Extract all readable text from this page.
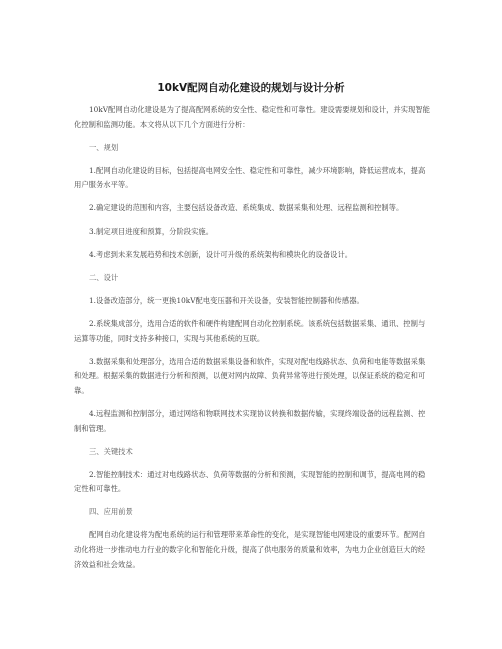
10kV配网自动化建设的规划与设计分析

10kV配网自动化建设是为了提高配网系统的安全性、稳定性和可靠性。建设需要规划和设计，并实现智能化控制和监测功能。本文将从以下几个方面进行分析：

一、规划

1.配网自动化建设的目标，包括提高电网安全性、稳定性和可靠性，减少环境影响，降低运营成本，提高用户服务水平等。

2.确定建设的范围和内容，主要包括设备改造、系统集成、数据采集和处理、远程监测和控制等。

3.制定项目进度和预算，分阶段实施。

4.考虑到未来发展趋势和技术创新，设计可升级的系统架构和模块化的设备设计。

二、设计

1.设备改造部分，统一更换10kV配电变压器和开关设备，安装智能控制器和传感器。

2.系统集成部分，选用合适的软件和硬件构建配网自动化控制系统。该系统包括数据采集、通讯、控制与运算等功能，同时支持多种接口，实现与其他系统的互联。

3.数据采集和处理部分，选用合适的数据采集设备和软件，实现对配电线路状态、负荷和电能等数据采集和处理。根据采集的数据进行分析和预测，以便对网内故障、负荷异常等进行预处理，以保证系统的稳定和可靠。

4.远程监测和控制部分，通过网络和物联网技术实现协议转换和数据传输，实现终端设备的远程监测、控制和管理。

三、关键技术

2.智能控制技术：通过对电线路状态、负荷等数据的分析和预测，实现智能的控制和调节，提高电网的稳定性和可靠性。

四、应用前景

配网自动化建设将为配电系统的运行和管理带来革命性的变化，是实现智能电网建设的重要环节。配网自动化将进一步推动电力行业的数字化和智能化升级，提高了供电服务的质量和效率，为电力企业创造巨大的经济效益和社会效益。
